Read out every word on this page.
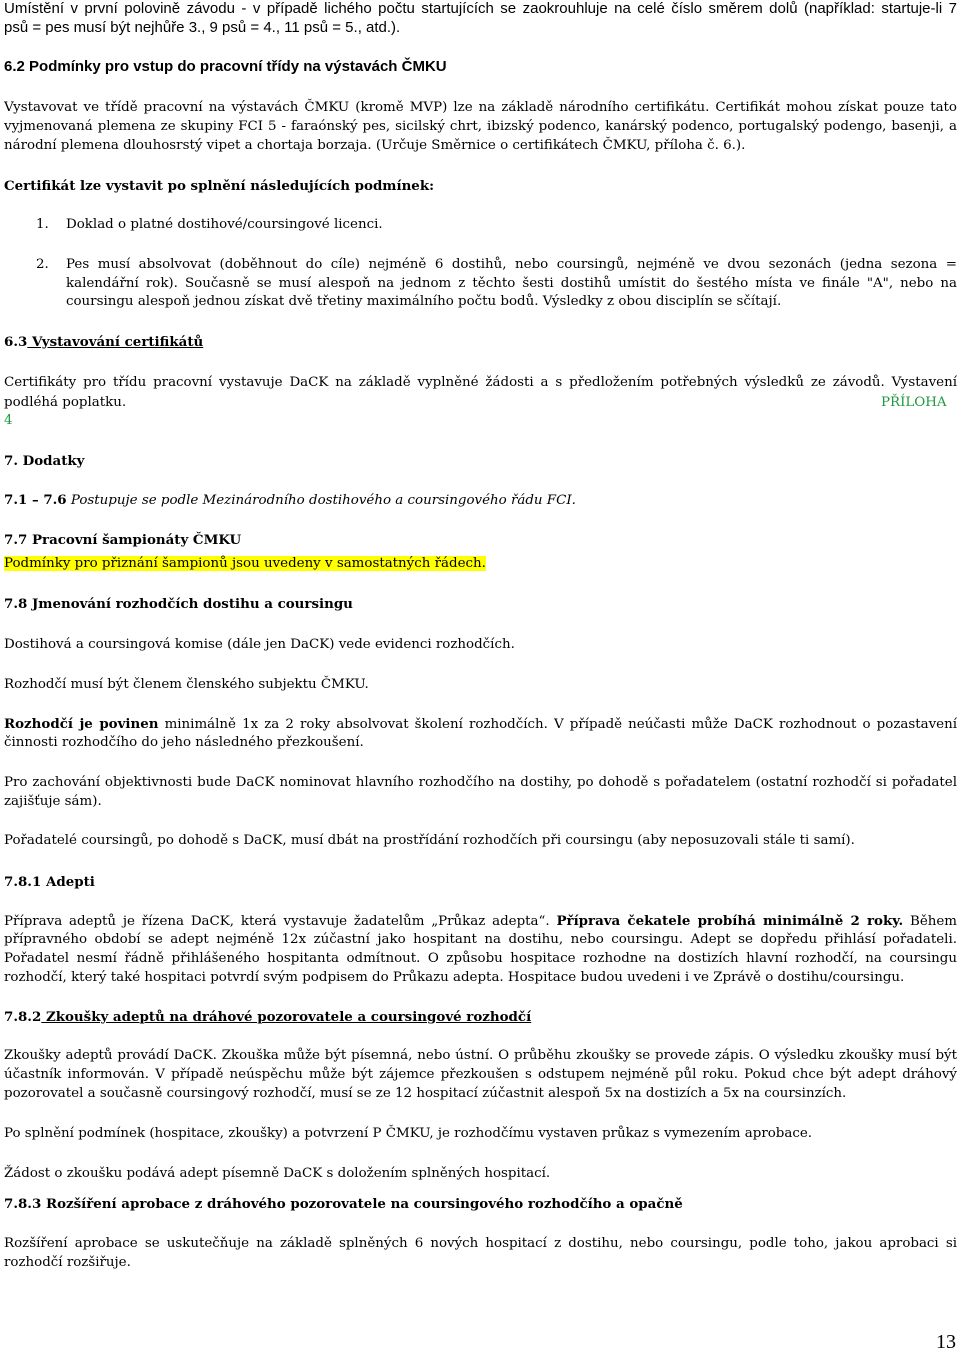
Umístění v první polovině závodu - v případě lichého počtu startujících se zaokrouhluje na celé číslo směrem dolů (například: startuje-li 7
psů = pes musí být nejhůře 3., 9 psů = 4., 11 psů = 5., atd.).
6.2 Podmínky pro vstup do pracovní třídy na výstavách ČMKU
Vystavovat ve třídě pracovní na výstavách ČMKU (kromě MVP) lze na základě národního certifikátu. Certifikát mohou získat pouze tato
vyjmenovaná plemena ze skupiny FCI 5 - faraónský pes, sicilský chrt, ibizský podenco, kanárský podenco, portugalský podengo, basenji, a
národní plemena dlouhosrstý vipet a chortaja borzaja. (Určuje Směrnice o certifikátech ČMKU, příloha č. 6.).
Certifikát lze vystavit po splnění následujících podmínek:
1. Doklad o platné dostihové/coursingové licenci.
2. Pes musí absolvovat (doběhnout do cíle) nejméně 6 dostihů, nebo coursingů, nejméně ve dvou sezonách (jedna sezona =
kalendářní rok). Současně se musí alespoň na jednom z těchto šesti dostihů umístit do šestého místa ve finále "A", nebo na
coursingu alespoň jednou získat dvě třetiny maximálního počtu bodů. Výsledky z obou disciplín se sčítají.
6.3 Vystavování certifikátů
Certifikáty pro třídu pracovní vystavuje DaCK na základě vyplněné žádosti a s předložením potřebných výsledků ze závodů. Vystavení
podléhá poplatku.	PŘÍLOHA
4
7. Dodatky
7.1 – 7.6 Postupuje se podle Mezinárodního dostihového a coursingového řádu FCI.
7.7 Pracovní šampionáty ČMKU
Podmínky pro přiznání šampionů jsou uvedeny v samostatných řádech.
7.8 Jmenování rozhodčích dostihu a coursingu
Dostihová a coursingová komise (dále jen DaCK) vede evidenci rozhodčích.
Rozhodčí musí být členem členského subjektu ČMKU.
Rozhodčí je povinen minimálně 1x za 2 roky absolvovat školení rozhodčích. V případě neúčasti může DaCK rozhodnout o pozastavení
činnosti rozhodčího do jeho následného přezkoušení.
Pro zachování objektivnosti bude DaCK nominovat hlavního rozhodčího na dostihy, po dohodě s pořadatelem (ostatní rozhodčí si pořadatel
zajišťuje sám).
Pořadatelé coursingů, po dohodě s DaCK, musí dbát na prostřídání rozhodčích při coursingu (aby neposuzovali stále ti samí).
7.8.1 Adepti
Příprava adeptů je řízena DaCK, která vystavuje žadatelům „Průkaz adepta“. Příprava čekatele probíhá minimálně 2 roky. Během
přípravného období se adept nejméně 12x zúčastní jako hospitant na dostihu, nebo coursingu. Adept se dopředu přihlásí pořadateli.
Pořadatel nesmí řádně přihlášeného hospitanta odmítnout. O způsobu hospitace rozhodne na dostizích hlavní rozhodčí, na coursingu
rozhodčí, který také hospitaci potvrdí svým podpisem do Průkazu adepta. Hospitace budou uvedeni i ve Zprávě o dostihu/coursingu.
7.8.2 Zkoušky adeptů na dráhové pozorovatele a coursingové rozhodčí
Zkoušky adeptů provádí DaCK. Zkouška může být písemná, nebo ústní. O průběhu zkoušky se provede zápis. O výsledku zkoušky musí být
účastník informován. V případě neúspěchu může být zájemce přezkoušen s odstupem nejméně půl roku. Pokud chce být adept dráhový
pozorovatel a současně coursingový rozhodčí, musí se ze 12 hospitací zúčastnit alespoň 5x na dostizích a 5x na coursinzích.
Po splnění podmínek (hospitace, zkoušky) a potvrzení P ČMKU, je rozhodčímu vystaven průkaz s vymezením aprobace.
Žádost o zkoušku podává adept písemně DaCK s doložením splněných hospitací.
7.8.3 Rozšíření aprobace z dráhového pozorovatele na coursingového rozhodčího a opačně
Rozšíření aprobace se uskutečňuje na základě splněných 6 nových hospitací z dostihu, nebo coursingu, podle toho, jakou aprobaci si
rozhodčí rozšiřuje.
13
